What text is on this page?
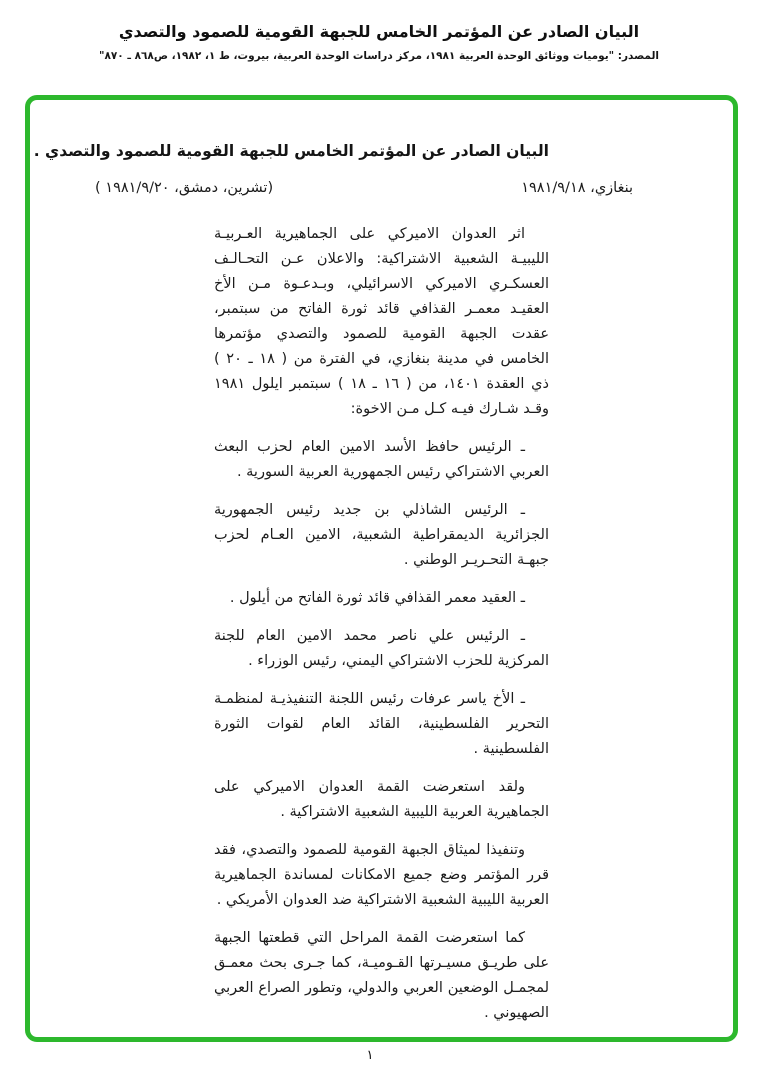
البيان الصادر عن المؤتمر الخامس للجبهة القومية للصمود والتصدي
المصدر: "يوميات ووثائق الوحدة العربية ١٩٨١، مركز دراسات الوحدة العربية، بيروت، ط ١، ١٩٨٢، ص٨٦٨ ـ ٨٧٠"
البيان الصادر عن المؤتمر الخامس للجبهة القومية للصمود والتصدي .
بنغازي، ١٩٨١/٩/١٨
(تشرين، دمشق، ١٩٨١/٩/٢٠ )

اثر العدوان الاميركي على الجماهيرية العـربيـة الليبيـة الشعبية الاشتراكية: والاعلان عـن التحـالـف العسكـري الاميركي الاسرائيلي، وبـدعـوة مـن الأخ العقيـد معمـر القذافي قائد ثورة الفاتح من سبتمبر، عقدت الجبهة القومية للصمود والتصدي مؤتمرها الخامس في مدينة بنغازي، في الفترة من ( ١٨ ـ ٢٠ ) ذي العقدة ١٤٠١، من ( ١٦ ـ ١٨ ) سبتمبر ايلول ١٩٨١ وقـد شـارك فيـه كـل مـن الاخوة:

ـ الرئيس حافظ الأسد الامين العام لحزب البعث العربي الاشتراكي رئيس الجمهورية العربية السورية .

ـ الرئيس الشاذلي بن جديد رئيس الجمهورية الجزائرية الديمقراطية الشعبية، الامين العـام لحزب جبهـة التحـريـر الوطني .

ـ العقيد معمر القذافي قائد ثورة الفاتح من أيلول .

ـ الرئيس علي ناصر محمد الامين العام للجنة المركزية للحزب الاشتراكي اليمني، رئيس الوزراء .

ـ الأخ ياسر عرفات رئيس اللجنة التنفيذيـة لمنظمـة التحرير الفلسطينية، القائد العام لقوات الثورة الفلسطينية .

ولقد استعرضت القمة العدوان الاميركي على الجماهيرية العربية الليبية الشعبية الاشتراكية .

وتنفيذا لميثاق الجبهة القومية للصمود والتصدي، فقد قرر المؤتمر وضع جميع الامكانات لمساندة الجماهيرية العربية الليبية الشعبية الاشتراكية ضد العدوان الأمريكي .

كما استعرضت القمة المراحل التي قطعتها الجبهة على طريـق مسيـرتها القـوميـة، كما جـرى بحث معمـق لمجمـل الوضعين العربي والدولي، وتطور الصراع العربي الصهيوني .

١
